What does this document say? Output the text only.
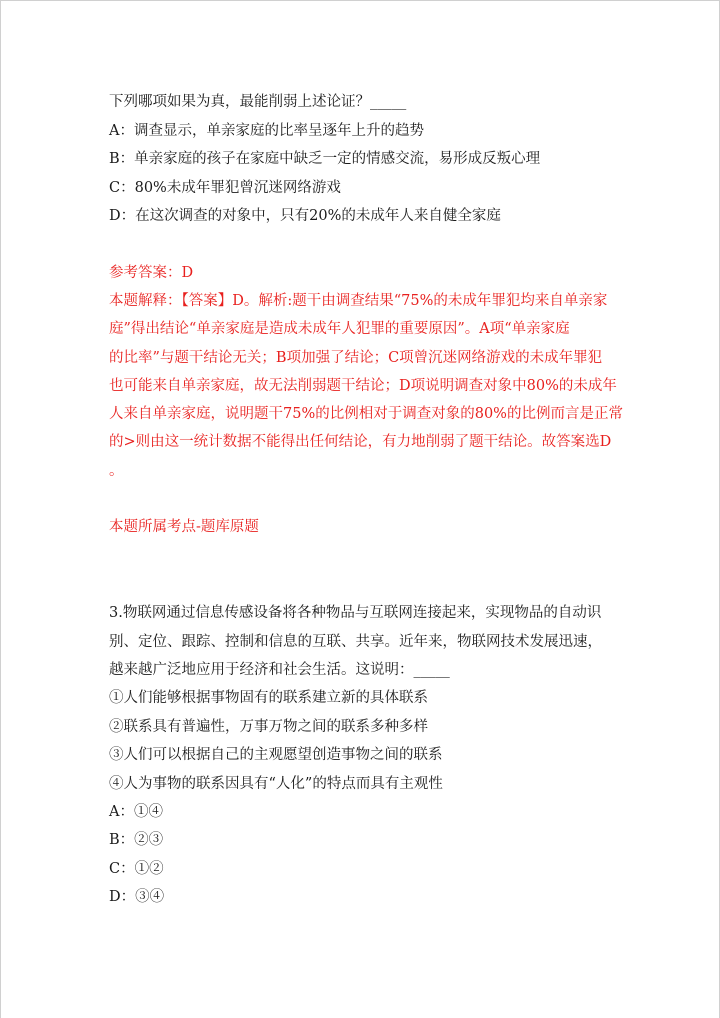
下列哪项如果为真，最能削弱上述论证？_____
A：调查显示，单亲家庭的比率呈逐年上升的趋势
B：单亲家庭的孩子在家庭中缺乏一定的情感交流，易形成反叛心理
C：80%未成年罪犯曾沉迷网络游戏
D：在这次调查的对象中，只有20%的未成年人来自健全家庭
参考答案：D
本题解释：【答案】D。解析:题干由调查结果“75%的未成年罪犯均来自单亲家
庭”得出结论“单亲家庭是造成未成年人犯罪的重要原因”。A项“单亲家庭
的比率”与题干结论无关；B项加强了结论；C项曾沉迷网络游戏的未成年罪犯
也可能来自单亲家庭，故无法削弱题干结论；D项说明调查对象中80%的未成年
人来自单亲家庭，说明题干75%的比例相对于调查对象的80%的比例而言是正常
的>则由这一统计数据不能得出任何结论，有力地削弱了题干结论。故答案选D
。
本题所属考点-题库原题
3.物联网通过信息传感设备将各种物品与互联网连接起来，实现物品的自动识
别、定位、跟踪、控制和信息的互联、共享。近年来，物联网技术发展迅速，
越来越广泛地应用于经济和社会生活。这说明：_____
①人们能够根据事物固有的联系建立新的具体联系
②联系具有普遍性，万事万物之间的联系多种多样
③人们可以根据自己的主观愿望创造事物之间的联系
④人为事物的联系因具有“人化”的特点而具有主观性
A：①④
B：②③
C：①②
D：③④
